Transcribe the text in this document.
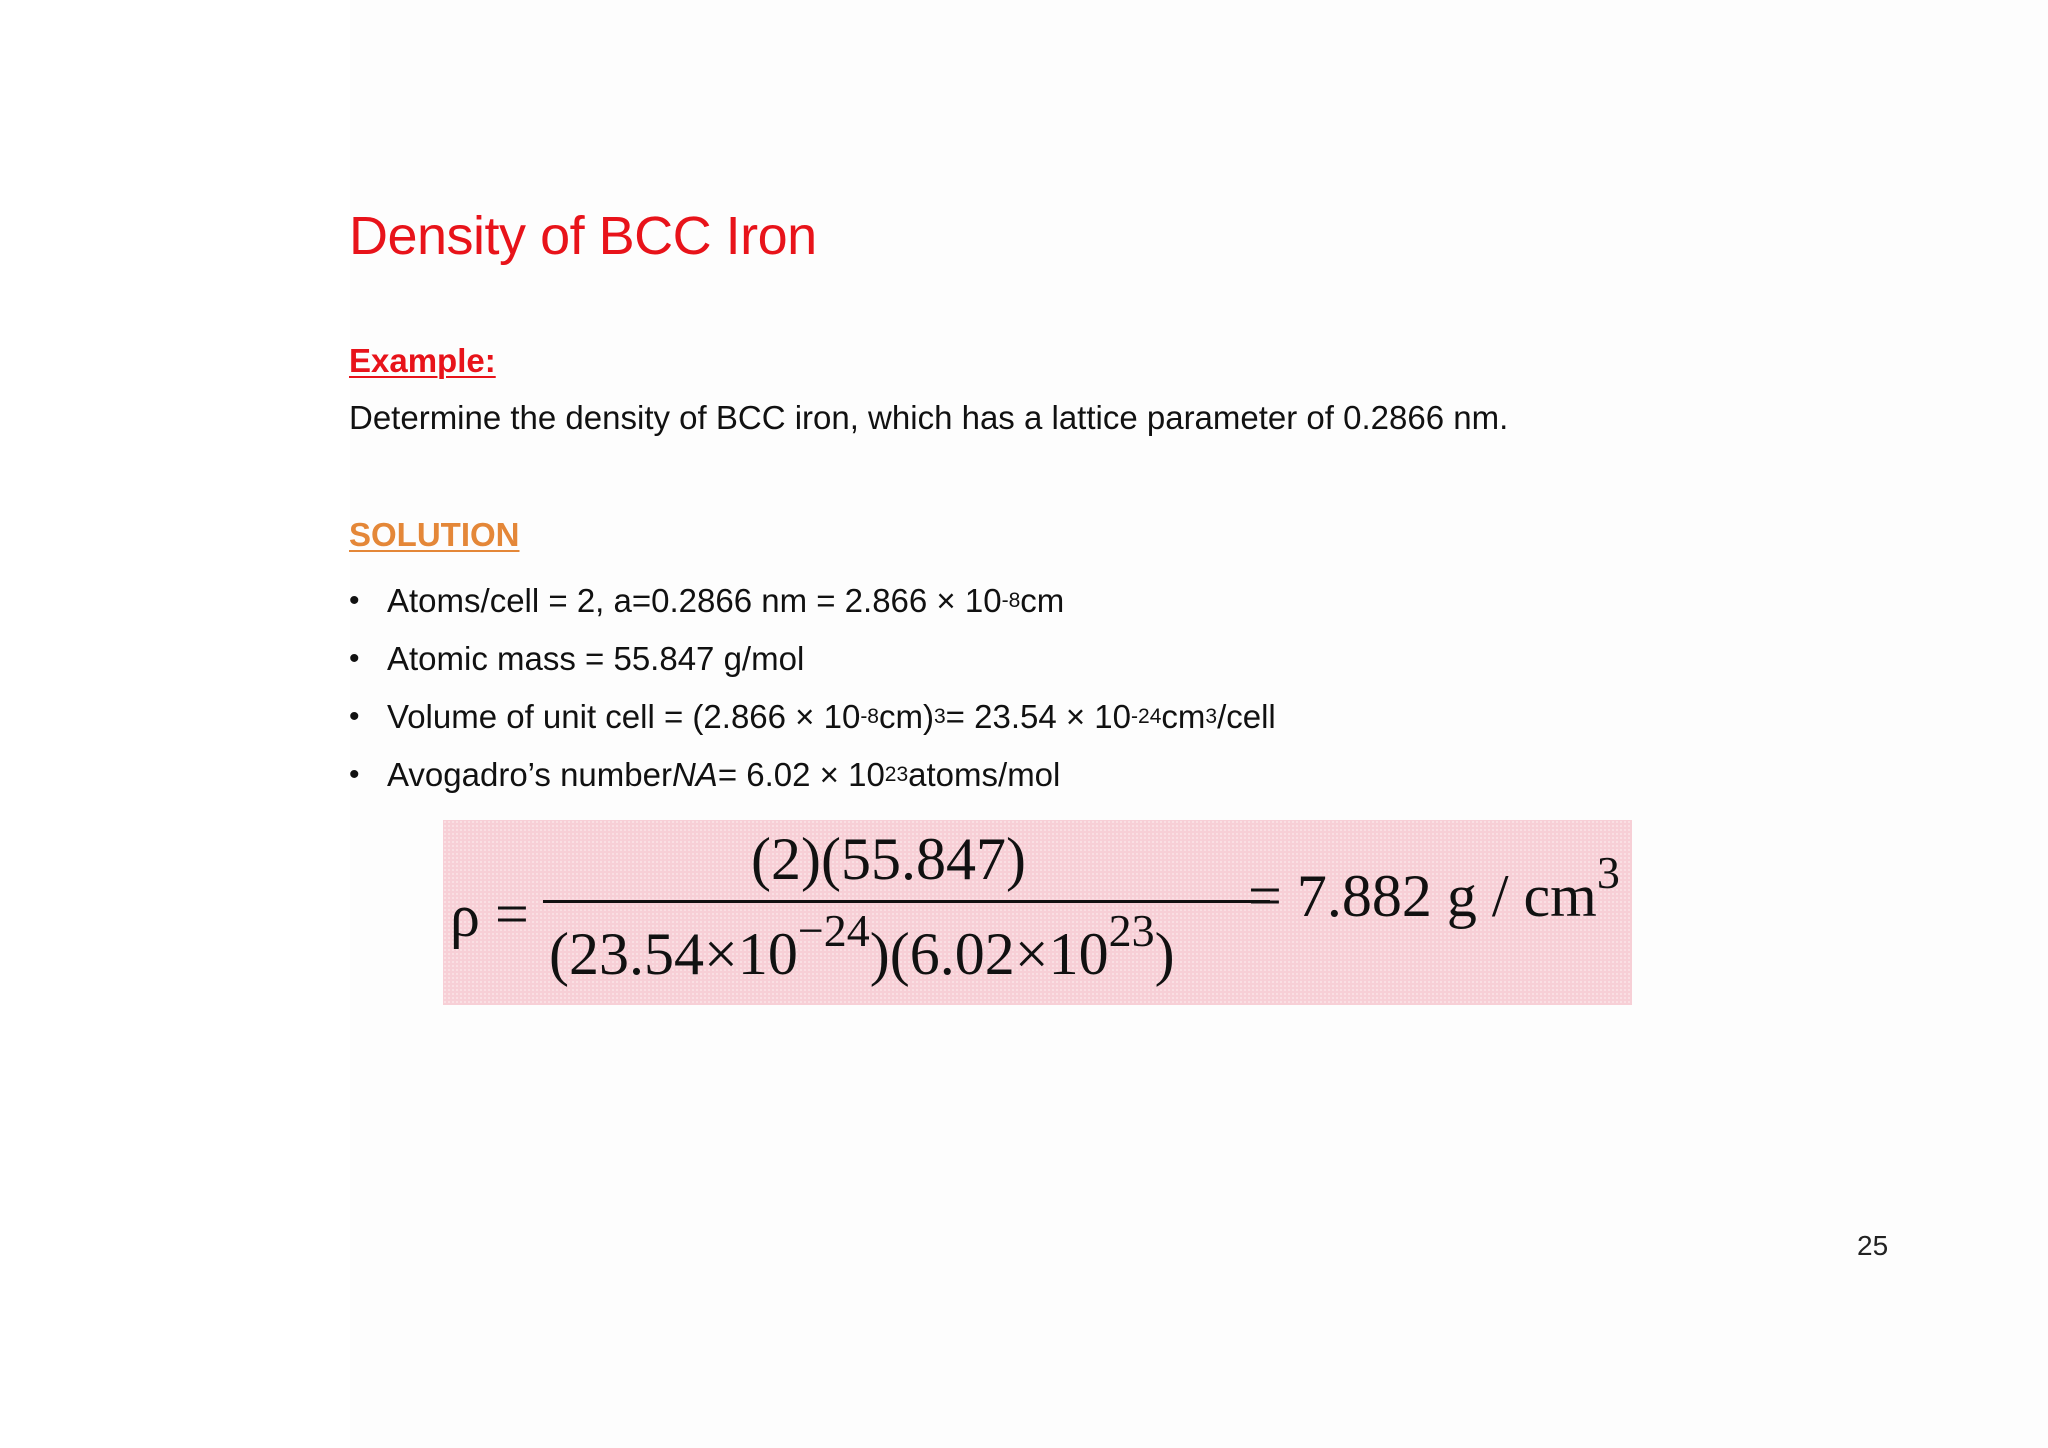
Density of BCC Iron
Example:
Determine the density of BCC iron, which has a lattice parameter of 0.2866 nm.
SOLUTION
• Atoms/cell = 2, a=0.2866 nm = 2.866 × 10 -8 cm
• Atomic mass = 55.847 g/mol
• Volume of unit cell = (2.866 × 10 -8 cm) 3 = 23.54 × 10 -24 cm 3 /cell
• Avogadro’s number NA = 6.02 × 10 23 atoms/mol
ρ =
(2)(55.847)
$(23.54\times 10^{-24})(6.02\times 10^{23})$
= 7.882 g / $cm^3$
25
